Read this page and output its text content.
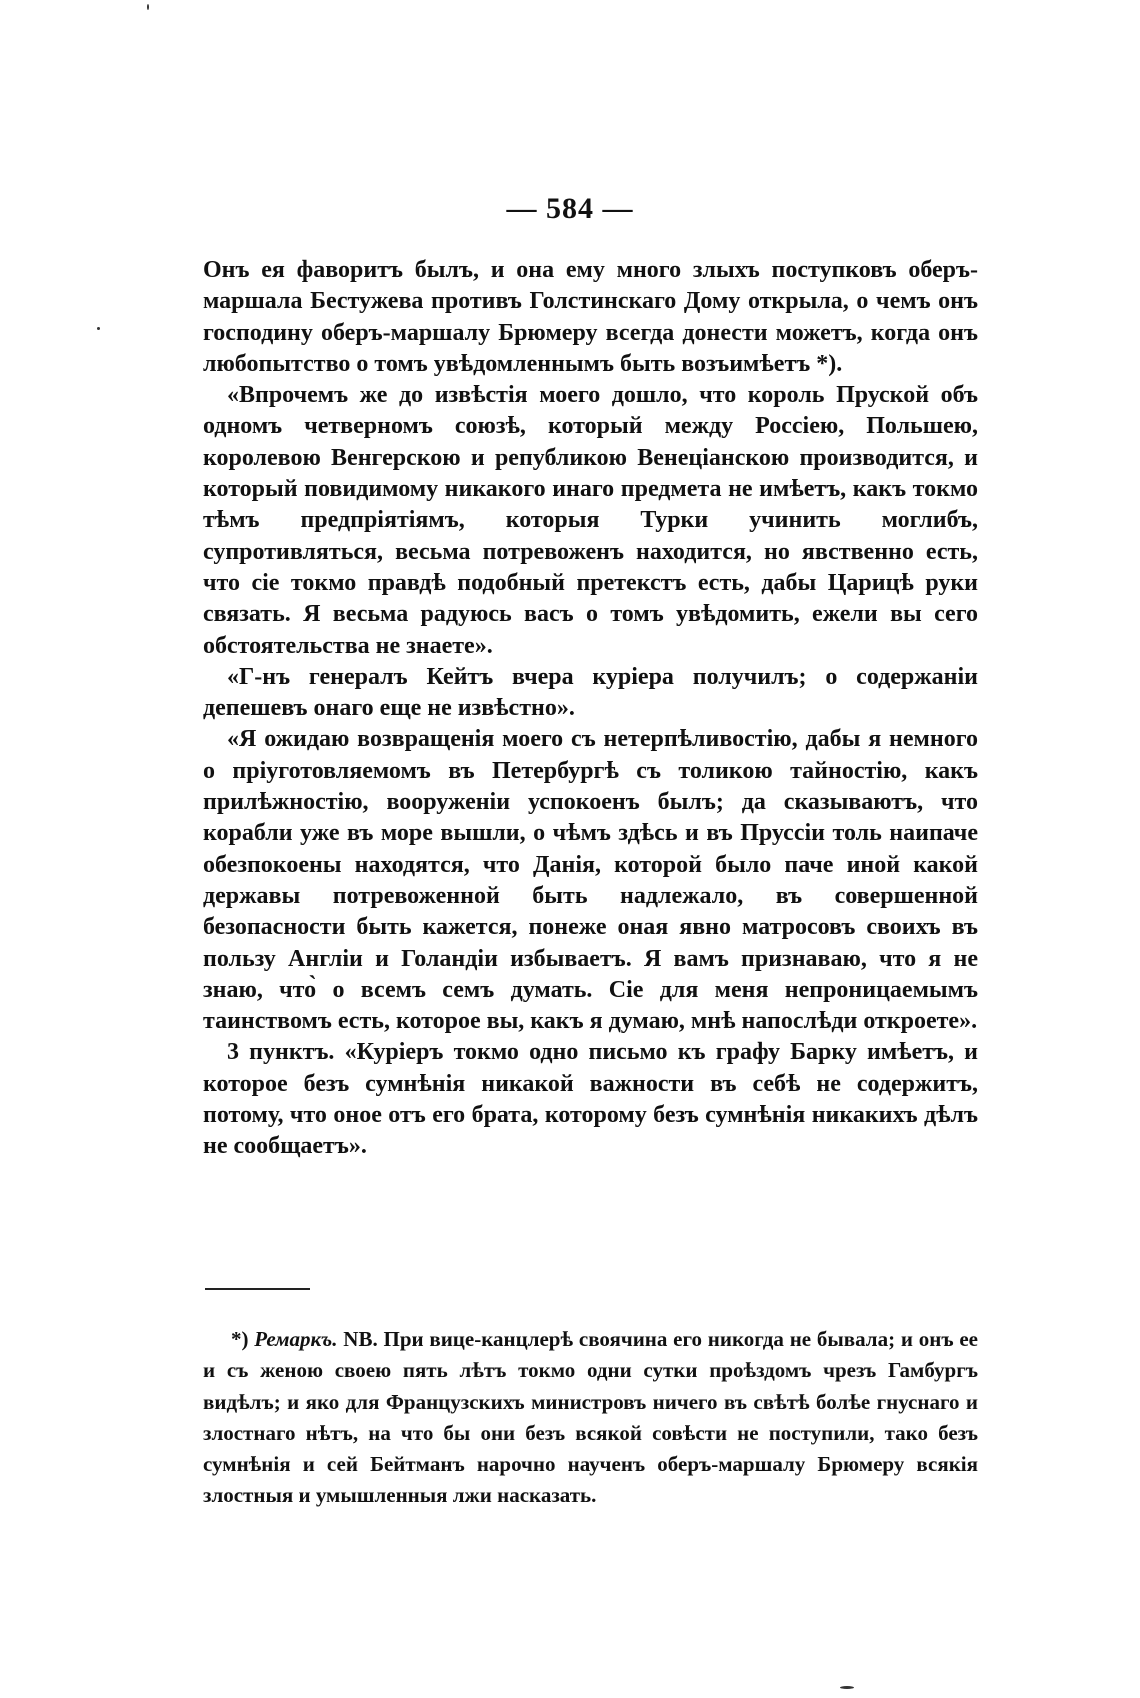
— 584 —

Онъ ея фаворитъ былъ, и она ему много злыхъ поступковъ оберъ-маршала Бестужева противъ Голстинскаго Дому открыла, о чемъ онъ господину оберъ-маршалу Брюмеру всегда донести можетъ, когда онъ любопытство о томъ увѣдомленнымъ быть возъимѣетъ *).

«Впрочемъ же до извѣстія моего дошло, что король Пруской объ одномъ четверномъ союзѣ, который между Россіею, Польшею, королевою Венгерскою и републикою Венеціанскою производится, и который повидимому никакого инаго предмета не имѣетъ, какъ токмо тѣмъ предпріятіямъ, которыя Турки учинить моглибъ, супротивляться, весьма потревоженъ находится, но явственно есть, что сіе токмо правдѣ подобный претекстъ есть, дабы Царицѣ руки связать. Я весьма радуюсь васъ о томъ увѣдомить, ежели вы сего обстоятельства не знаете».

«Г-нъ генералъ Кейтъ вчера куріера получилъ; о содержаніи депешевъ онаго еще не извѣстно».

«Я ожидаю возвращенія моего съ нетерпѣливостію, дабы я немного о пріуготовляемомъ въ Петербургѣ съ толикою тайностію, какъ прилѣжностію, вооруженіи успокоенъ былъ; да сказываютъ, что корабли уже въ море вышли, о чѣмъ здѣсь и въ Пруссіи толь наипаче обезпокоены находятся, что Данія, которой было паче иной какой державы потревоженной быть надлежало, въ совершенной безопасности быть кажется, понеже оная явно матросовъ своихъ въ пользу Англіи и Голандіи избываетъ. Я вамъ признаваю, что я не знаю, что̀ о всемъ семъ думать. Сіе для меня непроницаемымъ таинствомъ есть, которое вы, какъ я думаю, мнѣ напослѣди откроете».

3 пунктъ. «Куріеръ токмо одно письмо къ графу Барку имѣетъ, и которое безъ сумнѣнія никакой важности въ себѣ не содержитъ, потому, что оное отъ его брата, которому безъ сумнѣнія никакихъ дѣлъ не сообщаетъ».

*) Ремаркъ. NB. При вице-канцлерѣ своячина его никогда не бывала; и онъ ее и съ женою своею пять лѣтъ токмо одни сутки проѣздомъ чрезъ Гамбургъ видѣлъ; и яко для Французскихъ министровъ ничего въ свѣтѣ болѣе гнуснаго и злостнаго нѣтъ, на что бы они безъ всякой совѣсти не поступили, тако безъ сумнѣнія и сей Бейтманъ нарочно наученъ оберъ-маршалу Брюмеру всякія злостныя и умышленныя лжи насказать.
